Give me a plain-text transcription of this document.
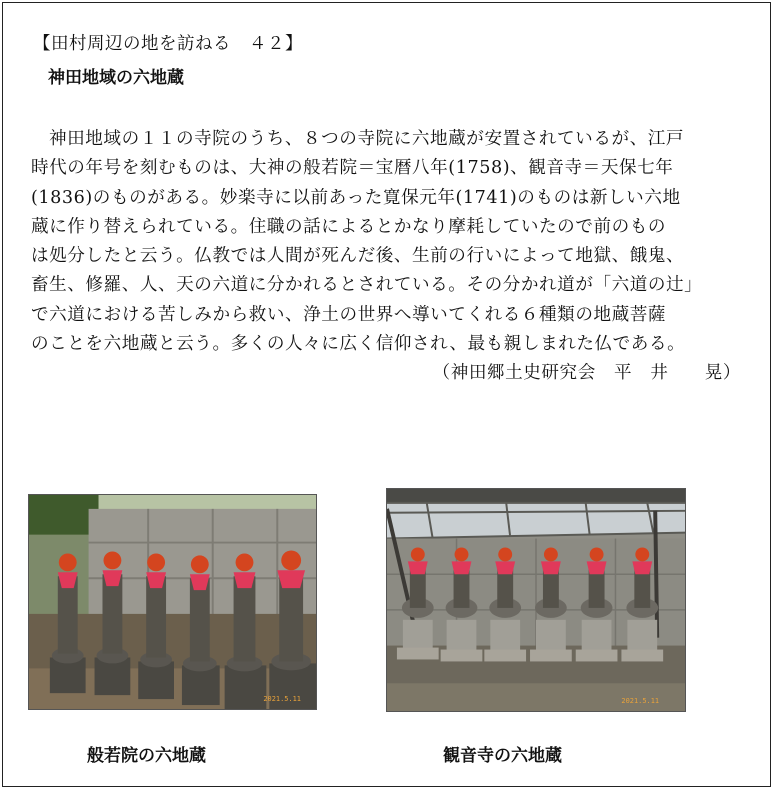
【田村周辺の地を訪ねる　４２】
神田地域の六地蔵
神田地域の１１の寺院のうち、８つの寺院に六地蔵が安置されているが、江戸
時代の年号を刻むものは、大神の般若院＝宝暦八年(1758)、観音寺＝天保七年
(1836)のものがある。妙楽寺に以前あった寛保元年(1741)のものは新しい六地
蔵に作り替えられている。住職の話によるとかなり摩耗していたので前のもの
は処分したと云う。仏教では人間が死んだ後、生前の行いによって地獄、餓鬼、
畜生、修羅、人、天の六道に分かれるとされている。その分かれ道が「六道の辻」
で六道における苦しみから救い、浄土の世界へ導いてくれる６種類の地蔵菩薩
のことを六地蔵と云う。多くの人々に広く信仰され、最も親しまれた仏である。
（神田郷土史研究会　平　井　　晃）
2021.5.11	2021.5.11
般若院の六地蔵	観音寺の六地蔵
